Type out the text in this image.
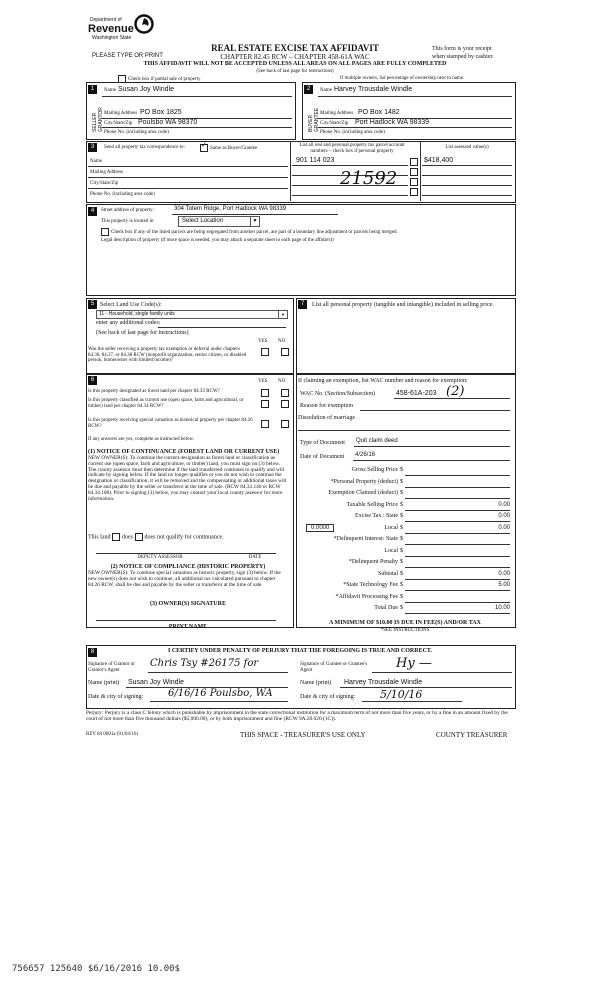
Department of
Revenue
Washington State
PLEASE TYPE OR PRINT
REAL ESTATE EXCISE TAX AFFIDAVIT
CHAPTER 82.45 RCW – CHAPTER 458-61A WAC
THIS AFFIDAVIT WILL NOT BE ACCEPTED UNLESS ALL AREAS ON ALL PAGES ARE FULLY COMPLETED
(See back of last page for instructions)
This form is your receipt
when stamped by cashier.
Check box if partial sale of property	If multiple owners, list percentage of ownership next to name.
1	2
SELLER GRANTOR	BUYER GRANTEE
Name Susan Joy Windle
Mailing Address PO Box 1825
City/State/Zip Poulsbo WA 98370
Phone No. (including area code)
Name Harvey Trousdale Windle
Mailing Address PO Box 1482
City/State/Zip Port Hadlock WA 98339
Phone No. (including area code)
3	Send all property tax correspondence to: ✓ Same as Buyer/Grantee
Name
Mailing Address
City/State/Zip
Phone No. (including area code)
List all real and personal property tax parcel account numbers – check box if personal property
List assessed value(s)
901 114 023	$418,400
21592
4	Street address of property:	304 Totem Ridge, Port Hadlock WA 98339
This property is located in	Select Location	▼
Check box if any of the listed parcels are being segregated from another parcel, are part of a boundary line adjustment or parcels being merged.
Legal description of property (if more space is needed, you may attach a separate sheet to each page of the affidavit)
5 Select Land Use Code(s):
11 - Household, single family units	▼
enter any additional codes:
(See back of last page for instructions)
YES NO
Was the seller receiving a property tax exemption or deferral under chapters 84.36, 84.37, or 84.38 RCW (nonprofit organization, senior citizen, or disabled person, homeowner with limited income)?
7	List all personal property (tangible and intangible) included in selling price.
6	YES NO
Is this property designated as forest land per chapter 84.33 RCW?
Is this property classified as current use (open space, farm and agricultural, or timber) land per chapter 84.34 RCW?
Is this property receiving special valuation as historical property per chapter 84.26 RCW?
If any answers are yes, complete as instructed below.
(1) NOTICE OF CONTINUANCE (FOREST LAND OR CURRENT USE)
NEW OWNER(S): To continue the current designation as forest land or classification as current use (open space, farm and agriculture, or timber) land, you must sign on (3) below. The county assessor must then determine if the land transferred continues to qualify and will indicate by signing below. If the land no longer qualifies or you do not wish to continue the designation or classification, it will be removed and the compensating or additional taxes will be due and payable by the seller or transferor at the time of sale. (RCW 84.33.140 or RCW 84.34.108). Prior to signing (3) below, you may contact your local county assessor for more information.
This land does does not qualify for continuance.
DEPUTY ASSESSOR	DATE
(2) NOTICE OF COMPLIANCE (HISTORIC PROPERTY)
NEW OWNER(S): To continue special valuation as historic property, sign (3) below. If the new owner(s) does not wish to continue, all additional tax calculated pursuant to chapter 84.26 RCW, shall be due and payable by the seller or transferor at the time of sale.
(3) OWNER(S) SIGNATURE
PRINT NAME
If claiming an exemption, list WAC number and reason for exemption:
WAC No. (Section/Subsection)	458-61A-203 (2)
Reason for exemption
Dissolution of marriage
Type of Document Quit claim deed
Date of Document 4/26/16
Gross Selling Price $
*Personal Property (deduct) $
Exemption Claimed (deduct) $
Taxable Selling Price $	0.00
Excise Tax : State $	0.00
Local $	0.00
0.0000
*Delinquent Interest: State $
Local $
*Delinquent Penalty $
Subtotal $	0.00
*State Technology Fee $	5.00
*Affidavit Processing Fee $
Total Due $	10.00
A MINIMUM OF $10.00 IS DUE IN FEE(S) AND/OR TAX
*SEE INSTRUCTIONS
8	I CERTIFY UNDER PENALTY OF PERJURY THAT THE FOREGOING IS TRUE AND CORRECT.
Signature of Grantor or Grantor's Agent
Chris Tsy #26175 for
Name (print) Susan Joy Windle
Date & city of signing: 6/16/16 Poulsbo, WA
Signature of Grantee or Grantee's Agent	Hy —
Name (print) Harvey Trousdale Windle
Date & city of signing: 5/10/16
Perjury: Perjury is a class C felony which is punishable by imprisonment in the state correctional institution for a maximum term of not more than five years, or by a fine in an amount fixed by the court of not more than five thousand dollars ($5,000.00), or by both imprisonment and fine (RCW 9A.20.020 (1C)).
REV 84 0001a (01/04/16)	THIS SPACE - TREASURER'S USE ONLY	COUNTY TREASURER
756657 125640 $6/16/2016 10.00$
